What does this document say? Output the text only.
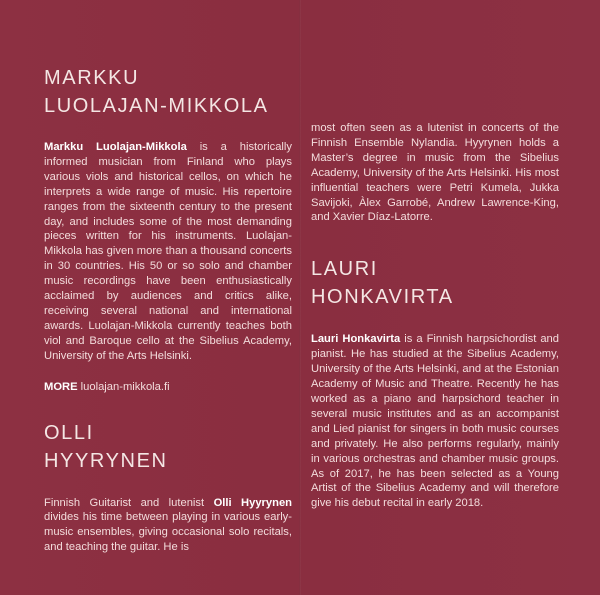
MARKKU
LUOLAJAN-MIKKOLA

Markku Luolajan-Mikkola is a historically informed musician from Finland who plays various viols and historical cellos, on which he interprets a wide range of music. His repertoire ranges from the sixteenth century to the present day, and includes some of the most demanding pieces written for his instruments. Luolajan-Mikkola has given more than a thousand concerts in 30 countries. His 50 or so solo and chamber music recordings have been enthusiastically acclaimed by audiences and critics alike, receiving several national and international awards. Luolajan-Mikkola currently teaches both viol and Baroque cello at the Sibelius Academy, University of the Arts Helsinki.

MORE luolajan-mikkola.fi

OLLI
HYYRYNEN

Finnish Guitarist and lutenist Olli Hyyrynen divides his time between playing in various early-music ensembles, giving occasional solo recitals, and teaching the guitar. He is

most often seen as a lutenist in concerts of the Finnish Ensemble Nylandia. Hyyrynen holds a Master’s degree in music from the Sibelius Academy, University of the Arts Helsinki. His most influential teachers were Petri Kumela, Jukka Savijoki, Àlex Garrobé, Andrew Lawrence-King, and Xavier Díaz-Latorre.

LAURI
HONKAVIRTA

Lauri Honkavirta is a Finnish harpsichordist and pianist. He has studied at the Sibelius Academy, University of the Arts Helsinki, and at the Estonian Academy of Music and Theatre. Recently he has worked as a piano and harpsichord teacher in several music institutes and as an accompanist and Lied pianist for singers in both music courses and privately. He also performs regularly, mainly in various orchestras and chamber music groups. As of 2017, he has been selected as a Young Artist of the Sibelius Academy and will therefore give his debut recital in early 2018.
